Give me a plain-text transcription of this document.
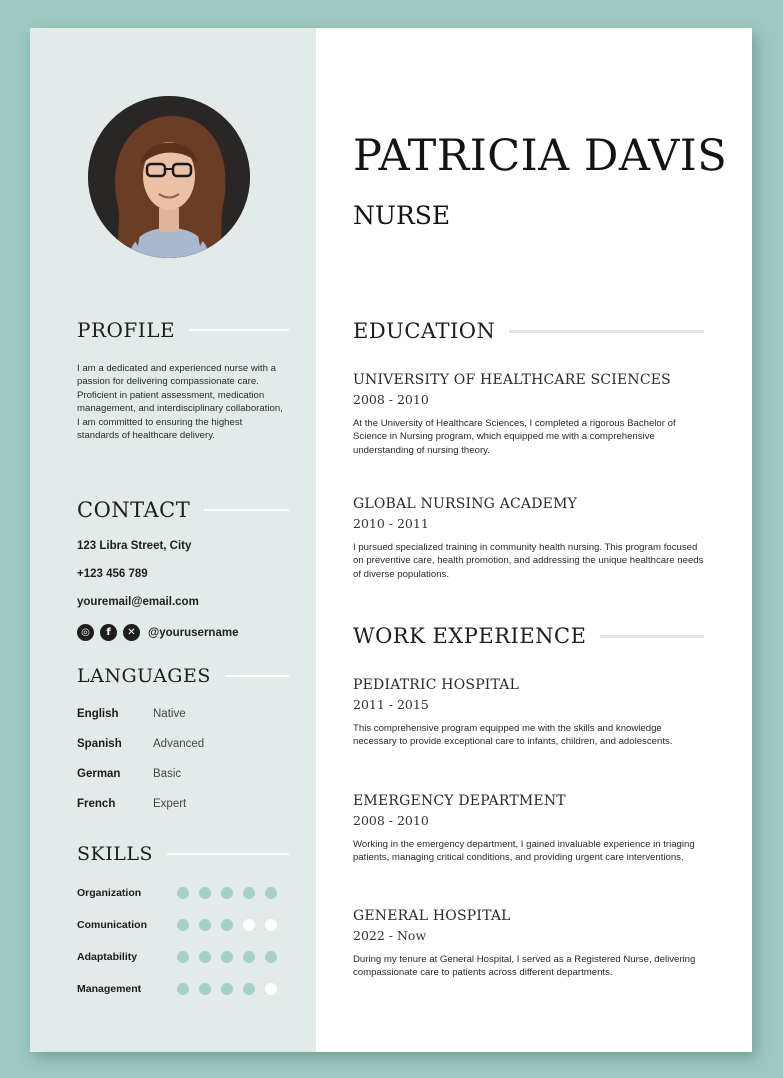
PROFILE

I am a dedicated and experienced nurse with a passion for delivering compassionate care. Proficient in patient assessment, medication management, and interdisciplinary collaboration, I am committed to ensuring the highest standards of healthcare delivery.

CONTACT
123 Libra Street, City
+123 456 789
youremail@email.com
◎	f	✕	@yourusername
LANGUAGES
English	Native
Spanish	Advanced
German	Basic
French	Expert
SKILLS
Organization
Comunication
Adaptability
Management
PATRICIA DAVIS
NURSE
EDUCATION
UNIVERSITY OF HEALTHCARE SCIENCES
2008 - 2010

At the University of Healthcare Sciences, I completed a rigorous Bachelor of Science in Nursing program, which equipped me with a comprehensive understanding of nursing theory.

GLOBAL NURSING ACADEMY
2010 - 2011

I pursued specialized training in community health nursing. This program focused on preventive care, health promotion, and addressing the unique healthcare needs of diverse populations.

WORK EXPERIENCE
PEDIATRIC HOSPITAL
2011 - 2015

This comprehensive program equipped me with the skills and knowledge necessary to provide exceptional care to infants, children, and adolescents.

EMERGENCY DEPARTMENT
2008 - 2010

Working in the emergency department, I gained invaluable experience in triaging patients, managing critical conditions, and providing urgent care interventions.

GENERAL HOSPITAL
2022 - Now

During my tenure at General Hospital, I served as a Registered Nurse, delivering compassionate care to patients across different departments.
